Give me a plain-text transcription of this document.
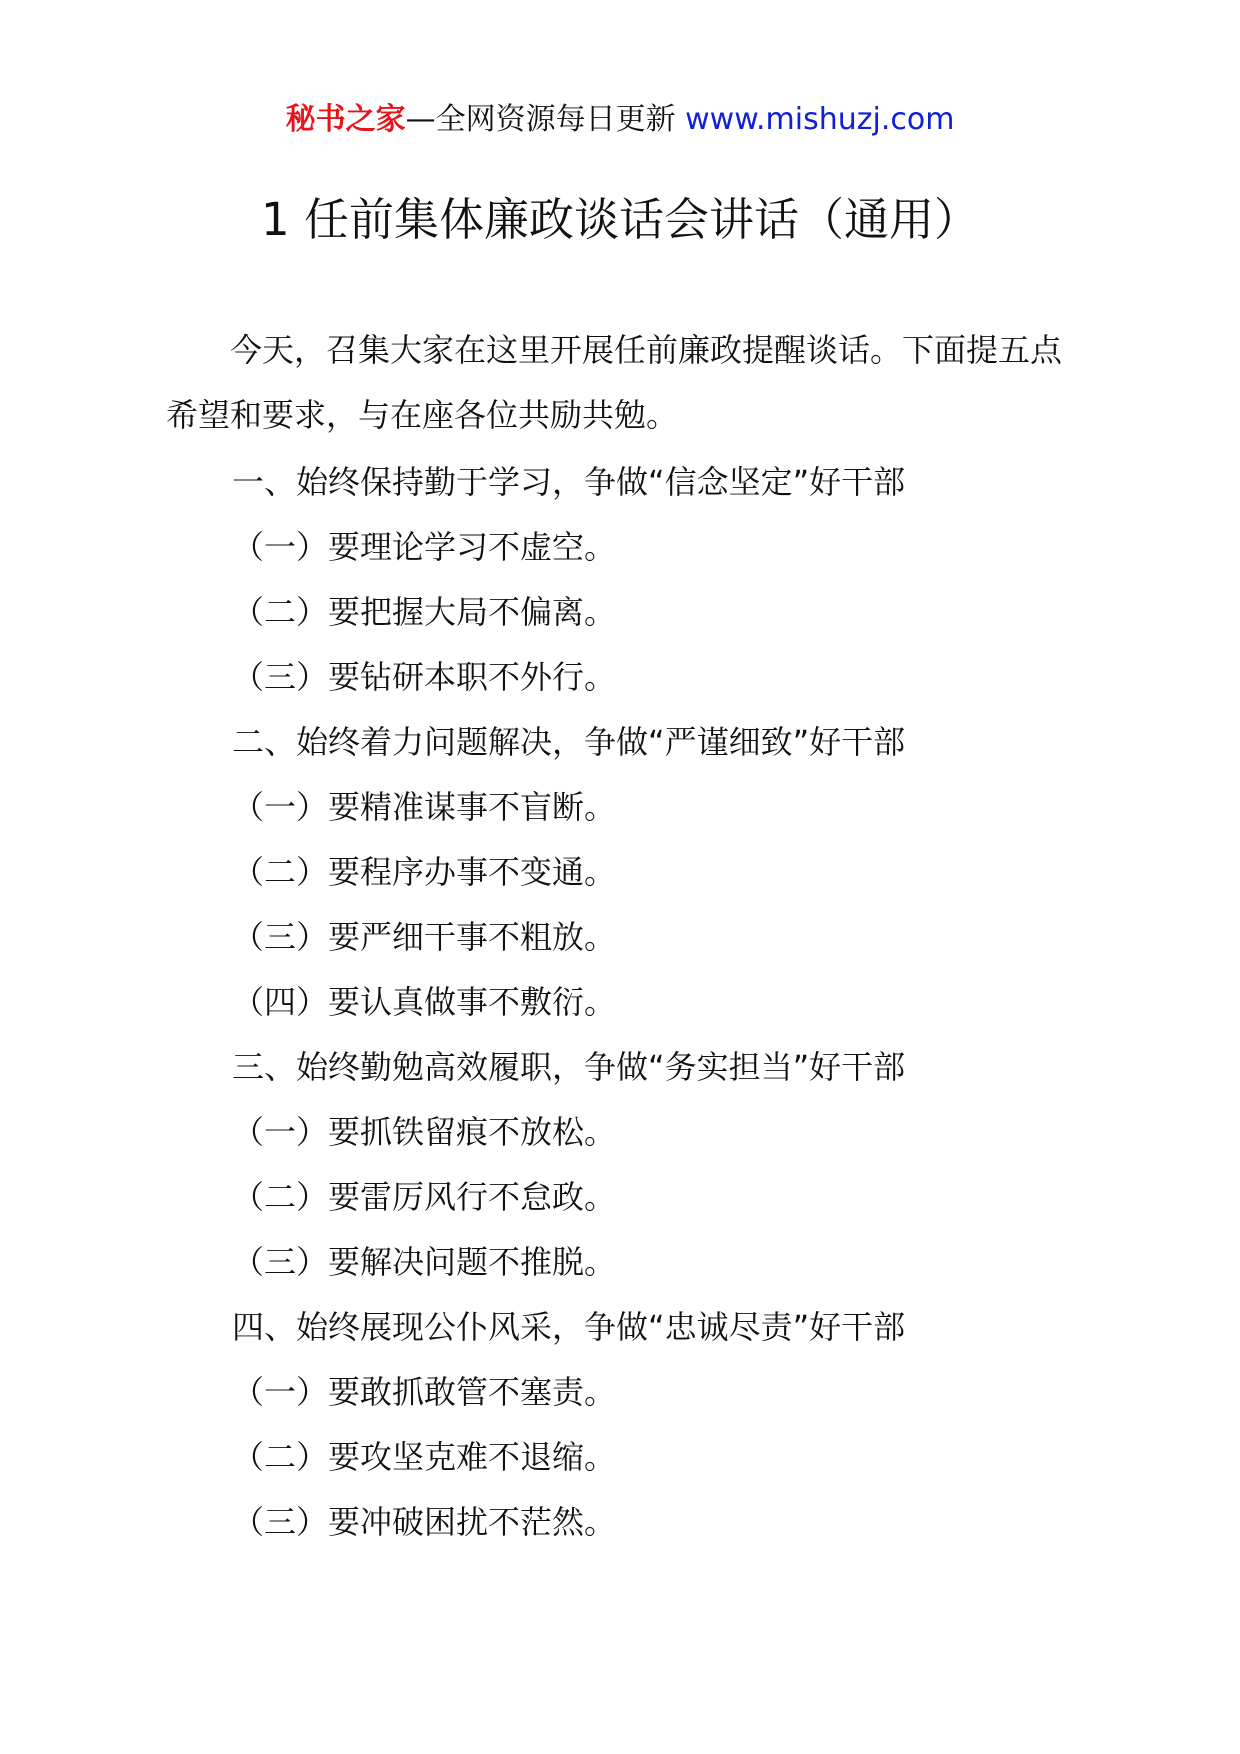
秘书之家—全网资源每日更新 www.mishuzj.com
1 任前集体廉政谈话会讲话（通用）

今天，召集大家在这里开展任前廉政提醒谈话。下面提五点希望和要求，与在座各位共励共勉。

一、始终保持勤于学习，争做“信念坚定”好干部
（一）要理论学习不虚空。
（二）要把握大局不偏离。
（三）要钻研本职不外行。
二、始终着力问题解决，争做“严谨细致”好干部
（一）要精准谋事不盲断。
（二）要程序办事不变通。
（三）要严细干事不粗放。
（四）要认真做事不敷衍。
三、始终勤勉高效履职，争做“务实担当”好干部
（一）要抓铁留痕不放松。
（二）要雷厉风行不怠政。
（三）要解决问题不推脱。
四、始终展现公仆风采，争做“忠诚尽责”好干部
（一）要敢抓敢管不塞责。
（二）要攻坚克难不退缩。
（三）要冲破困扰不茫然。
